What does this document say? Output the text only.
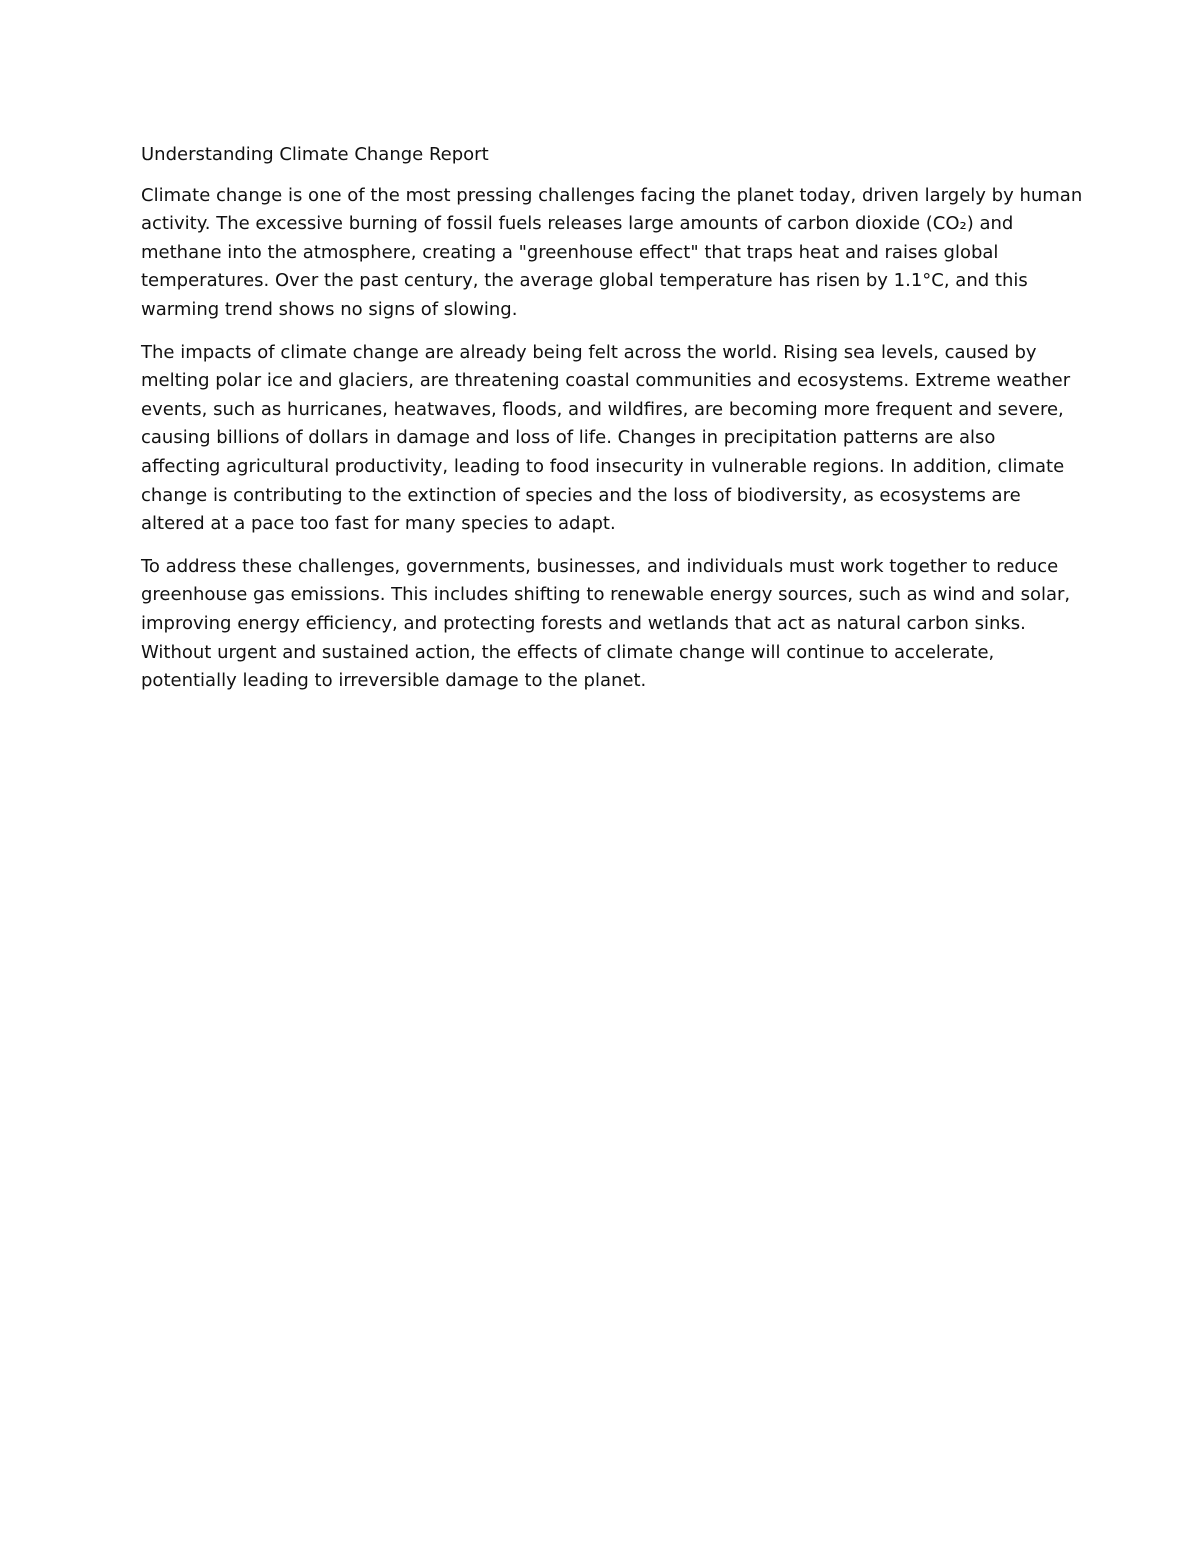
Understanding Climate Change Report
Climate change is one of the most pressing challenges facing the planet today, driven largely by human
activity. The excessive burning of fossil fuels releases large amounts of carbon dioxide (CO₂) and
methane into the atmosphere, creating a "greenhouse effect" that traps heat and raises global
temperatures. Over the past century, the average global temperature has risen by 1.1°C, and this
warming trend shows no signs of slowing.
The impacts of climate change are already being felt across the world. Rising sea levels, caused by
melting polar ice and glaciers, are threatening coastal communities and ecosystems. Extreme weather
events, such as hurricanes, heatwaves, floods, and wildfires, are becoming more frequent and severe,
causing billions of dollars in damage and loss of life. Changes in precipitation patterns are also
affecting agricultural productivity, leading to food insecurity in vulnerable regions. In addition, climate
change is contributing to the extinction of species and the loss of biodiversity, as ecosystems are
altered at a pace too fast for many species to adapt.
To address these challenges, governments, businesses, and individuals must work together to reduce
greenhouse gas emissions. This includes shifting to renewable energy sources, such as wind and solar,
improving energy efficiency, and protecting forests and wetlands that act as natural carbon sinks.
Without urgent and sustained action, the effects of climate change will continue to accelerate,
potentially leading to irreversible damage to the planet.
